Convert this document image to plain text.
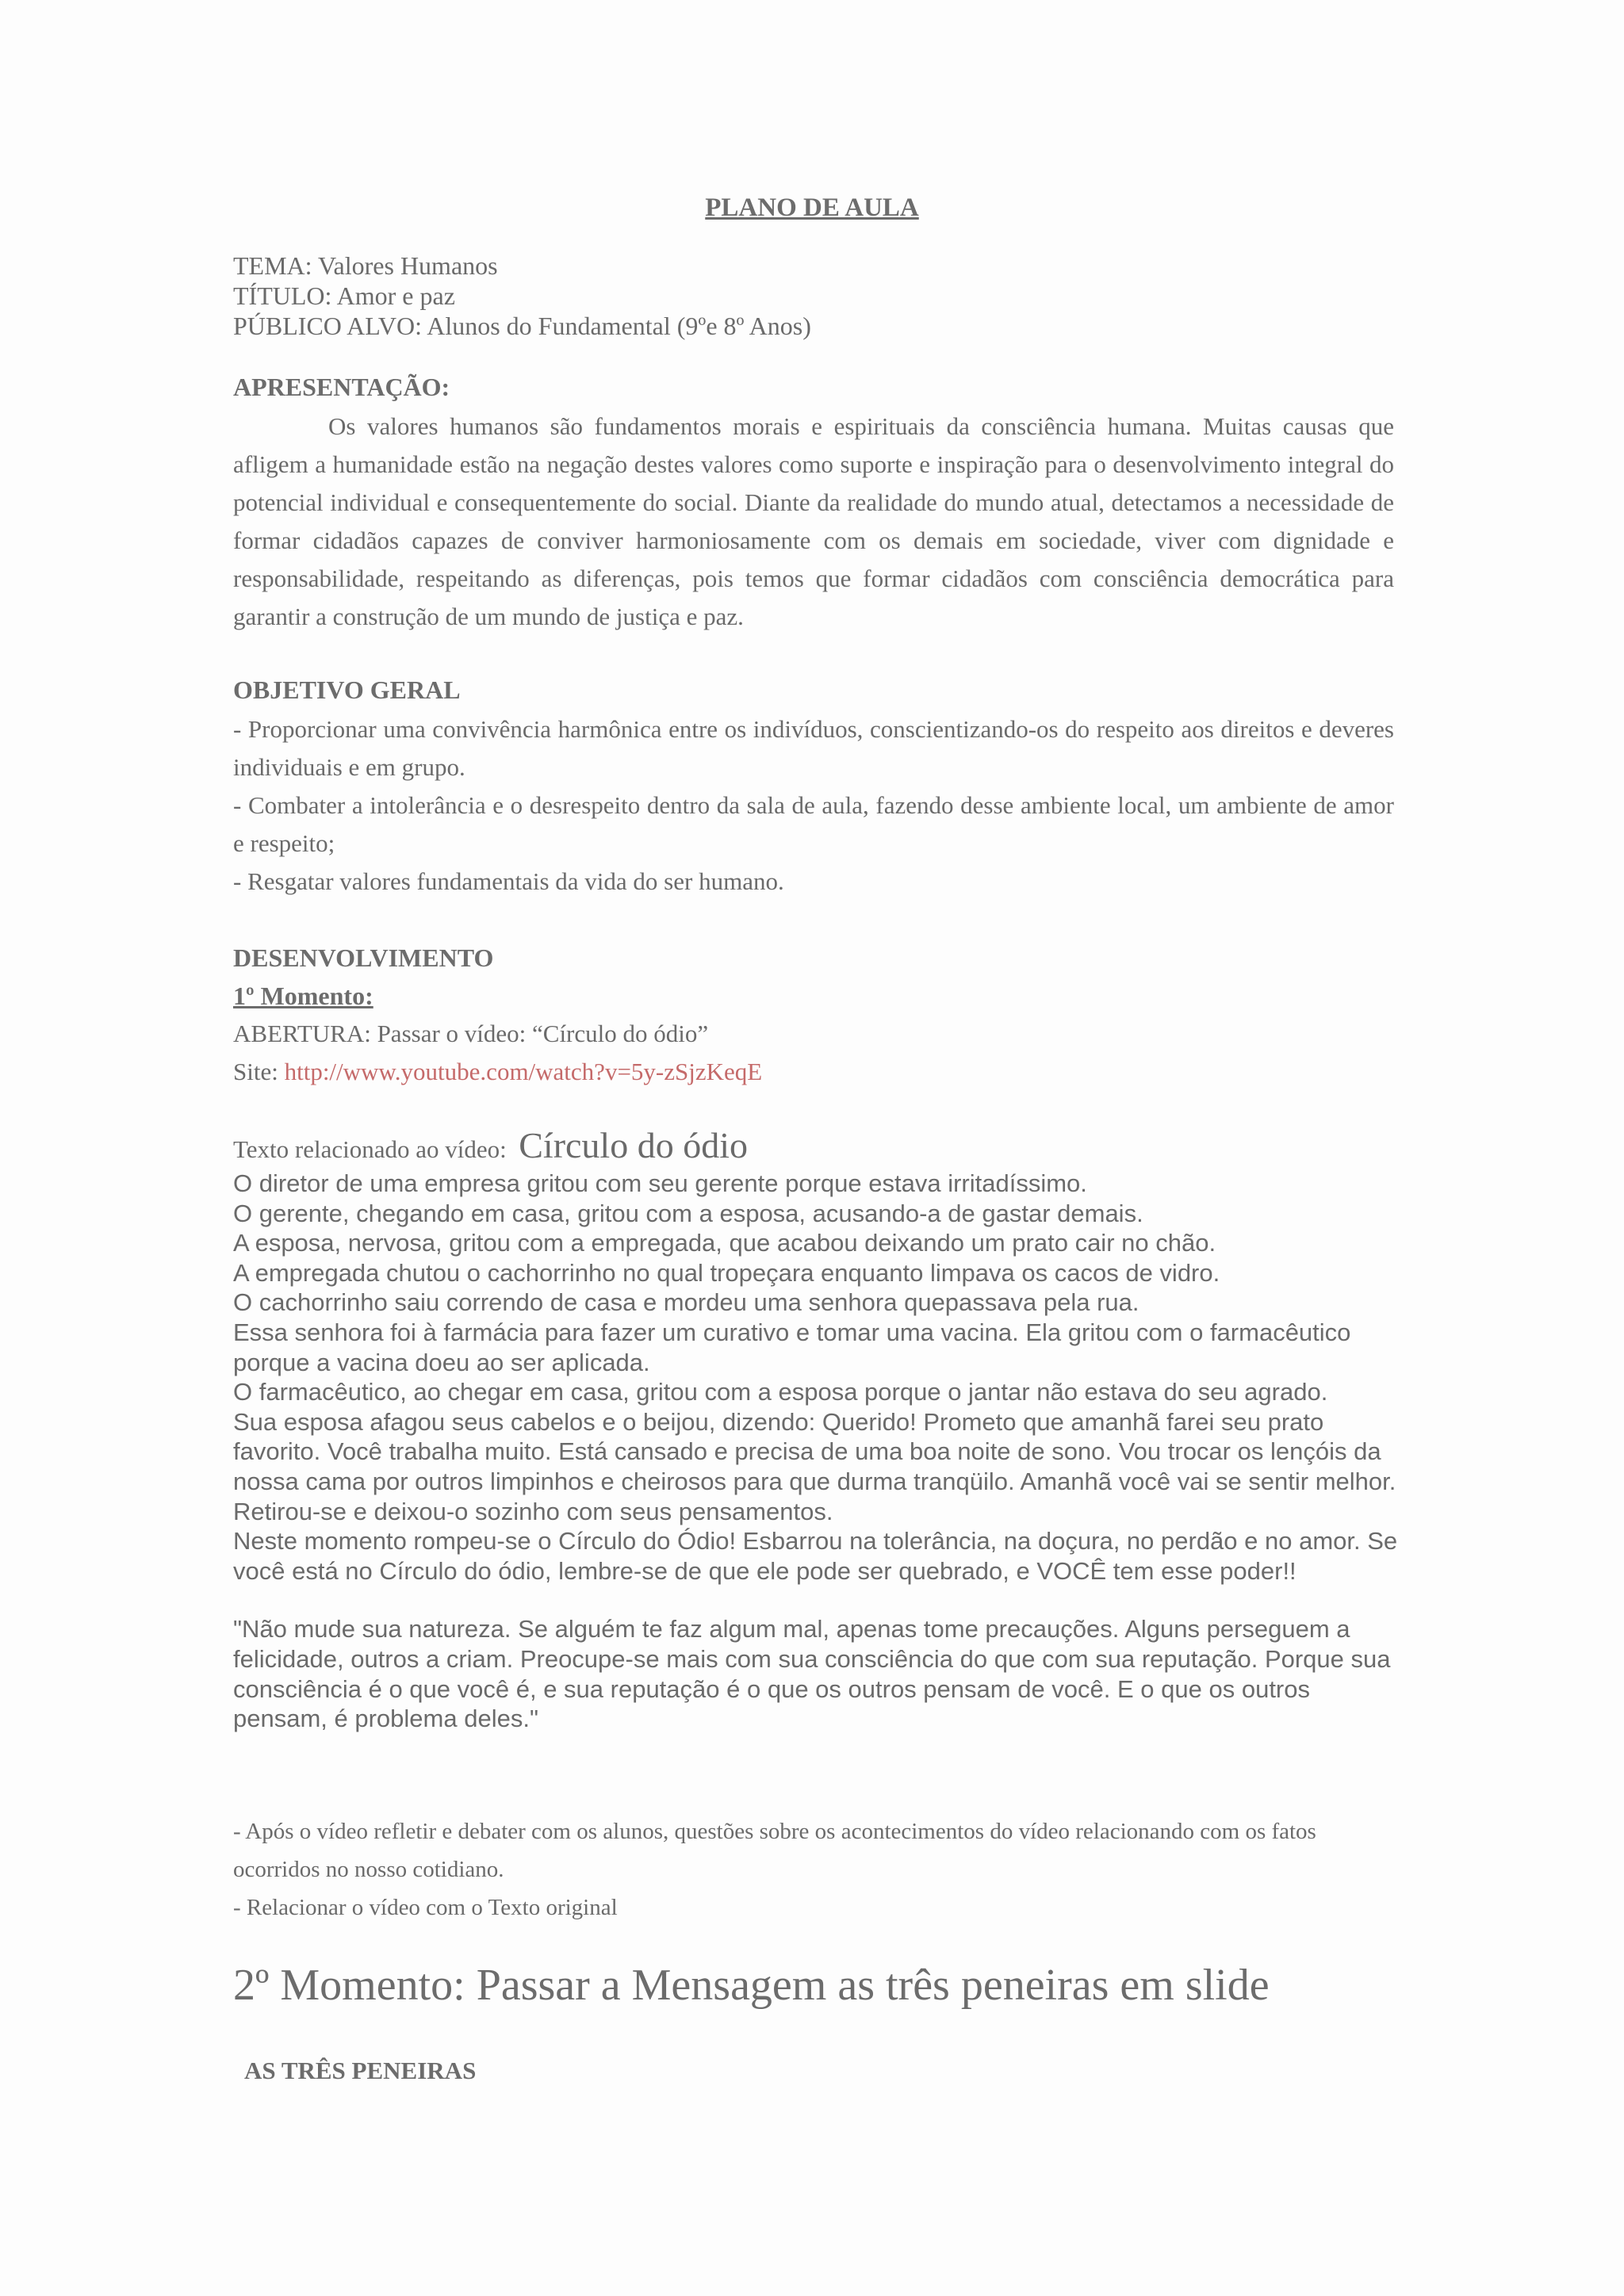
PLANO DE AULA
TEMA: Valores Humanos
TÍTULO: Amor e paz
PÚBLICO ALVO: Alunos do Fundamental (9ºe 8º Anos)
APRESENTAÇÃO:
Os valores humanos são fundamentos morais e espirituais da consciência humana. Muitas causas que afligem a humanidade estão na negação destes valores como suporte e inspiração para o desenvolvimento integral do potencial individual e consequentemente do social. Diante da realidade do mundo atual, detectamos a necessidade de formar cidadãos capazes de conviver harmoniosamente com os demais em sociedade, viver com dignidade e responsabilidade, respeitando as diferenças, pois temos que formar cidadãos com consciência democrática para garantir a construção de um mundo de justiça e paz.
OBJETIVO GERAL

- Proporcionar uma convivência harmônica entre os indivíduos, conscientizando-os do respeito aos direitos e deveres individuais e em grupo.

- Combater a intolerância e o desrespeito dentro da sala de aula, fazendo desse ambiente local, um ambiente de amor e respeito;

- Resgatar valores fundamentais da vida do ser humano.

DESENVOLVIMENTO
1º Momento:
ABERTURA: Passar o vídeo: “Círculo do ódio”
Site: http://www.youtube.com/watch?v=5y-zSjzKeqE
Texto relacionado ao vídeo:  Círculo do ódio

O diretor de uma empresa gritou com seu gerente porque estava irritadíssimo.

O gerente, chegando em casa, gritou com a esposa, acusando-a de gastar demais.

A esposa, nervosa, gritou com a empregada, que acabou deixando um prato cair no chão.

A empregada chutou o cachorrinho no qual tropeçara enquanto limpava os cacos de vidro.

O cachorrinho saiu correndo de casa e mordeu uma senhora quepassava pela rua.

Essa senhora foi à farmácia para fazer um curativo e tomar uma vacina. Ela gritou com o farmacêutico porque a vacina doeu ao ser aplicada.

O farmacêutico, ao chegar em casa, gritou com a esposa porque o jantar não estava do seu agrado.

Sua esposa afagou seus cabelos e o beijou, dizendo: Querido! Prometo que amanhã farei seu prato favorito. Você trabalha muito. Está cansado e precisa de uma boa noite de sono. Vou trocar os lençóis da nossa cama por outros limpinhos e cheirosos para que durma tranqüilo. Amanhã você vai se sentir melhor. Retirou-se e deixou-o sozinho com seus pensamentos.

Neste momento rompeu-se o Círculo do Ódio! Esbarrou na tolerância, na doçura, no perdão e no amor. Se você está no Círculo do ódio, lembre-se de que ele pode ser quebrado, e VOCÊ tem esse poder!!

"Não mude sua natureza. Se alguém te faz algum mal, apenas tome precauções. Alguns perseguem a felicidade, outros a criam. Preocupe-se mais com sua consciência do que com sua reputação. Porque sua consciência é o que você é, e sua reputação é o que os outros pensam de você. E o que os outros pensam, é problema deles."

- Após o vídeo refletir e debater com os alunos, questões sobre os acontecimentos do vídeo relacionando com os fatos ocorridos no nosso cotidiano.

- Relacionar o vídeo com o Texto original

2º Momento: Passar a Mensagem as três peneiras em slide
AS TRÊS PENEIRAS
